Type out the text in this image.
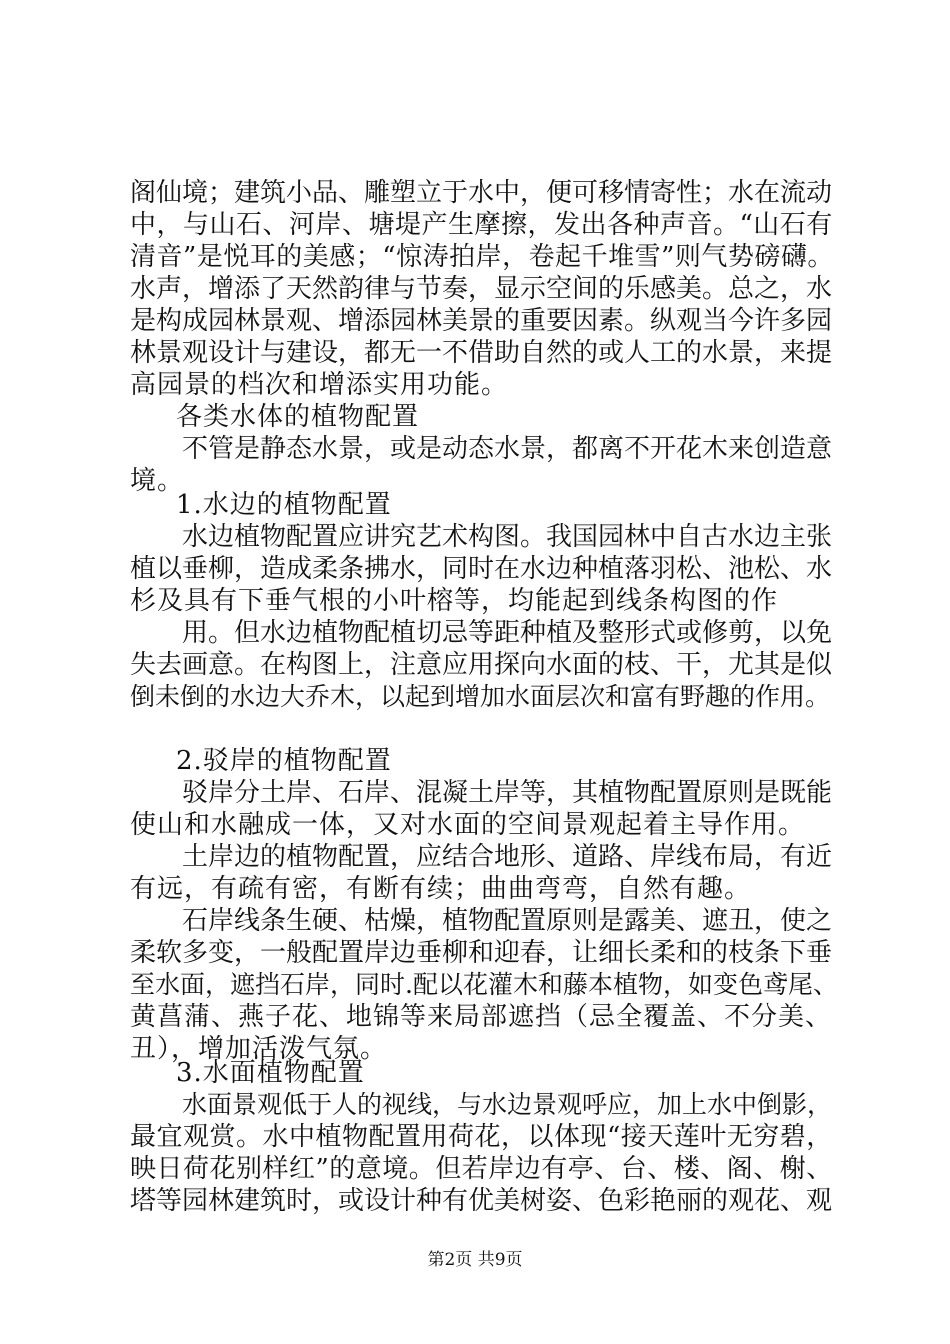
阁仙境；建筑小品、雕塑立于水中，便可移情寄性；水在流动
中，与山石、河岸、塘堤产生摩擦，发出各种声音。“山石有
清音”是悦耳的美感；“惊涛拍岸，卷起千堆雪”则气势磅礴。
水声，增添了天然韵律与节奏，显示空间的乐感美。总之，水
是构成园林景观、增添园林美景的重要因素。纵观当今许多园
林景观设计与建设，都无一不借助自然的或人工的水景，来提
高园景的档次和增添实用功能。
各类水体的植物配置
不管是静态水景，或是动态水景，都离不开花木来创造意
境。
1.水边的植物配置
水边植物配置应讲究艺术构图。我国园林中自古水边主张
植以垂柳，造成柔条拂水，同时在水边种植落羽松、池松、水
杉及具有下垂气根的小叶榕等，均能起到线条构图的作
用。但水边植物配植切忌等距种植及整形式或修剪，以免
失去画意。在构图上，注意应用探向水面的枝、干，尤其是似
倒未倒的水边大乔木，以起到增加水面层次和富有野趣的作用。
2.驳岸的植物配置
驳岸分土岸、石岸、混凝土岸等，其植物配置原则是既能
使山和水融成一体，又对水面的空间景观起着主导作用。
土岸边的植物配置，应结合地形、道路、岸线布局，有近
有远，有疏有密，有断有续；曲曲弯弯，自然有趣。
石岸线条生硬、枯燥，植物配置原则是露美、遮丑，使之
柔软多变，一般配置岸边垂柳和迎春，让细长柔和的枝条下垂
至水面，遮挡石岸，同时.配以花灌木和藤本植物，如变色鸢尾、
黄菖蒲、燕子花、地锦等来局部遮挡（忌全覆盖、不分美、
丑），增加活泼气氛。
3.水面植物配置
水面景观低于人的视线，与水边景观呼应，加上水中倒影，
最宜观赏。水中植物配置用荷花，以体现“接天莲叶无穷碧，
映日荷花别样红”的意境。但若岸边有亭、台、楼、阁、榭、
塔等园林建筑时，或设计种有优美树姿、色彩艳丽的观花、观
第2页 共9页
